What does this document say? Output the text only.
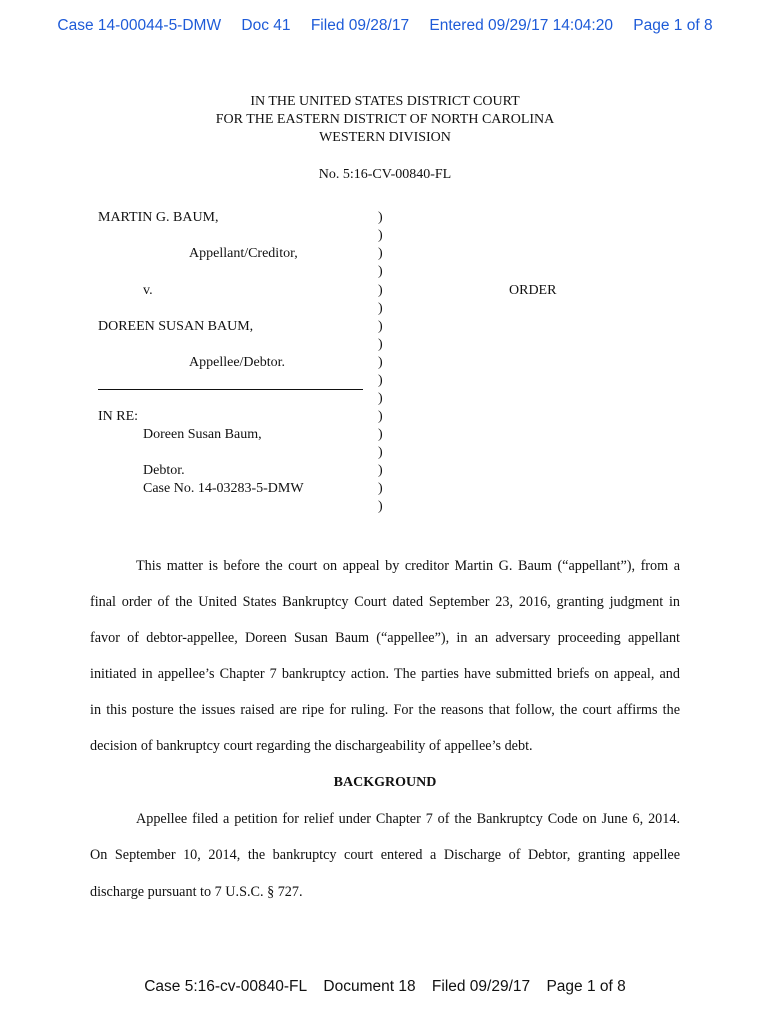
Case 14-00044-5-DMW Doc 41 Filed 09/28/17 Entered 09/29/17 14:04:20 Page 1 of 8
IN THE UNITED STATES DISTRICT COURT
FOR THE EASTERN DISTRICT OF NORTH CAROLINA
WESTERN DIVISION
No. 5:16-CV-00840-FL
MARTIN G. BAUM,
Appellant/Creditor,
v.
DOREEN SUSAN BAUM,
Appellee/Debtor.
IN RE:
Doreen Susan Baum,
Debtor.
Case No. 14-03283-5-DMW
)
)
)
)
)
)
)
)
)
)
)
)
)
)
)
)
)
ORDER
This matter is before the court on appeal by creditor Martin G. Baum (“appellant”), from a
final order of the United States Bankruptcy Court dated September 23, 2016, granting judgment in
favor of debtor-appellee, Doreen Susan Baum (“appellee”), in an adversary proceeding appellant
initiated in appellee’s Chapter 7 bankruptcy action. The parties have submitted briefs on appeal, and
in this posture the issues raised are ripe for ruling. For the reasons that follow, the court affirms the
decision of bankruptcy court regarding the dischargeability of appellee’s debt.
BACKGROUND
Appellee filed a petition for relief under Chapter 7 of the Bankruptcy Code on June 6, 2014.
On September 10, 2014, the bankruptcy court entered a Discharge of Debtor, granting appellee
discharge pursuant to 7 U.S.C. § 727.
Case 5:16-cv-00840-FL Document 18 Filed 09/29/17 Page 1 of 8
